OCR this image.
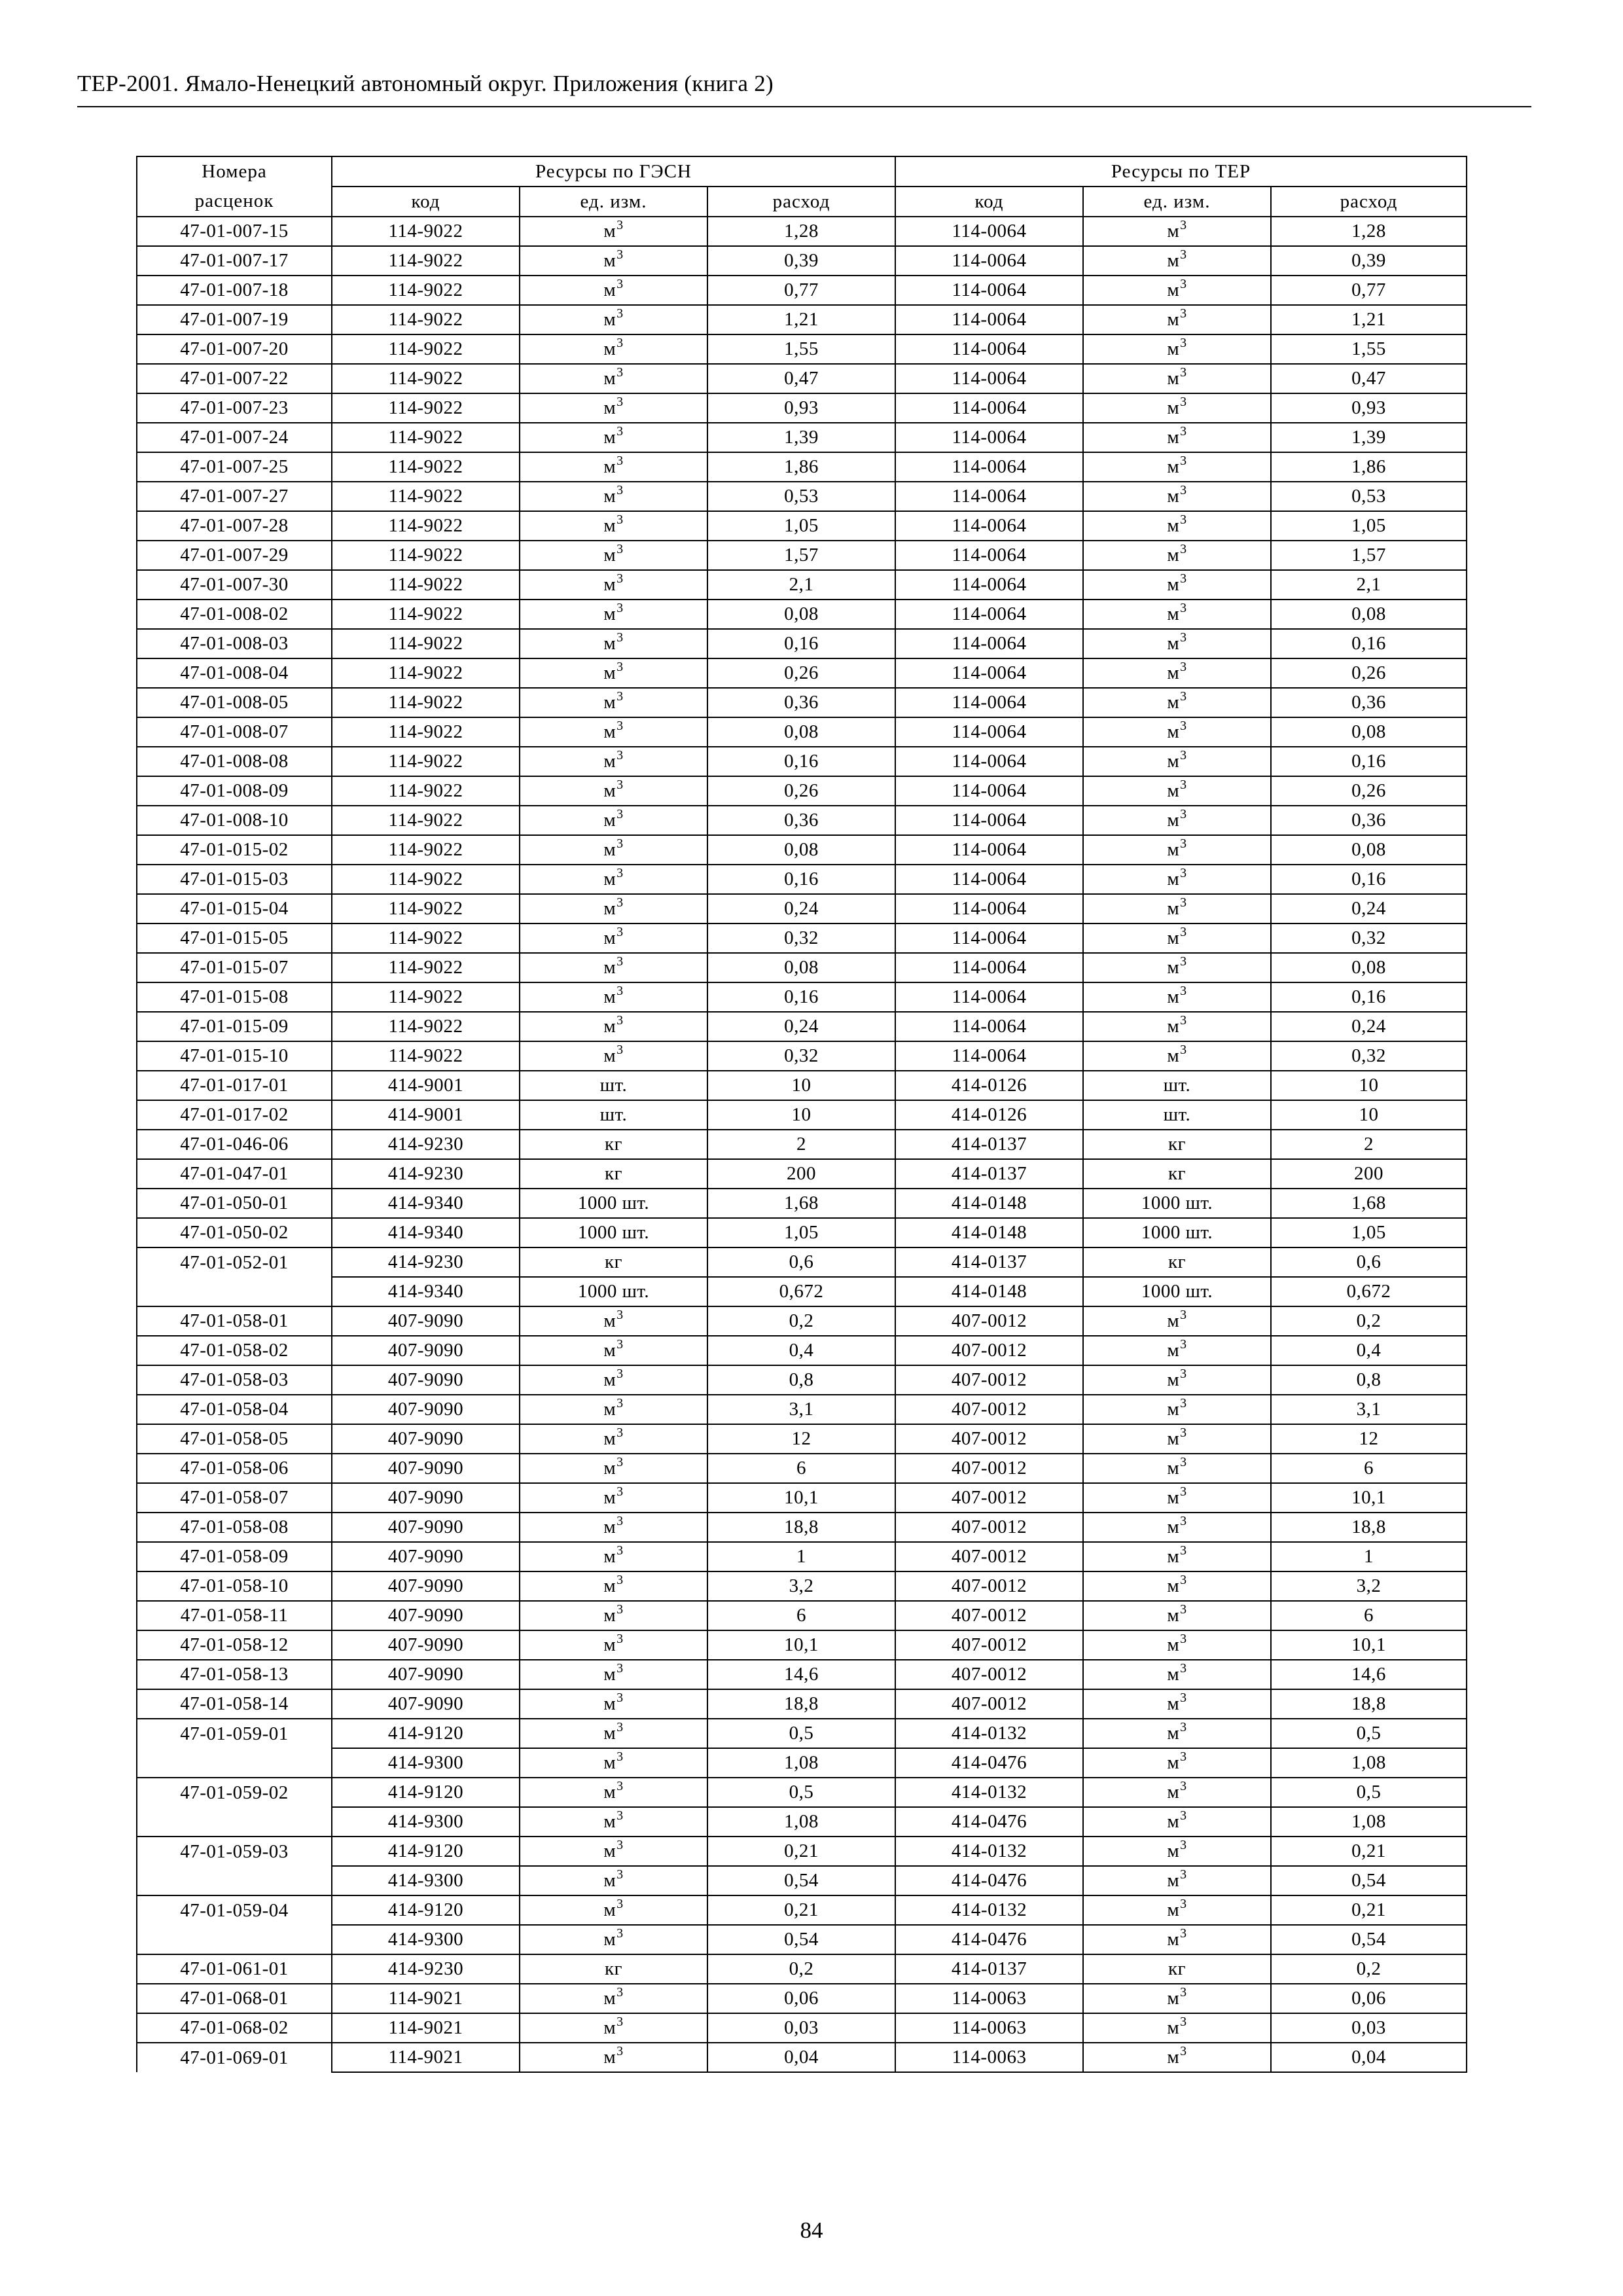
ТЕР-2001. Ямало-Ненецкий автономный округ. Приложения (книга 2)
Номера	Ресурсы по ГЭСН			Ресурсы по ТЕР		
расценок	код	ед. изм.	расход	код	ед. изм.	расход
47-01-007-15	114-9022	$м^3$	1,28	114-0064	$м^3$	1,28
47-01-007-17	114-9022	$м^3$	0,39	114-0064	$м^3$	0,39
47-01-007-18	114-9022	$м^3$	0,77	114-0064	$м^3$	0,77
47-01-007-19	114-9022	$м^3$	1,21	114-0064	$м^3$	1,21
47-01-007-20	114-9022	$м^3$	1,55	114-0064	$м^3$	1,55
47-01-007-22	114-9022	$м^3$	0,47	114-0064	$м^3$	0,47
47-01-007-23	114-9022	$м^3$	0,93	114-0064	$м^3$	0,93
47-01-007-24	114-9022	$м^3$	1,39	114-0064	$м^3$	1,39
47-01-007-25	114-9022	$м^3$	1,86	114-0064	$м^3$	1,86
47-01-007-27	114-9022	$м^3$	0,53	114-0064	$м^3$	0,53
47-01-007-28	114-9022	$м^3$	1,05	114-0064	$м^3$	1,05
47-01-007-29	114-9022	$м^3$	1,57	114-0064	$м^3$	1,57
47-01-007-30	114-9022	$м^3$	2,1	114-0064	$м^3$	2,1
47-01-008-02	114-9022	$м^3$	0,08	114-0064	$м^3$	0,08
47-01-008-03	114-9022	$м^3$	0,16	114-0064	$м^3$	0,16
47-01-008-04	114-9022	$м^3$	0,26	114-0064	$м^3$	0,26
47-01-008-05	114-9022	$м^3$	0,36	114-0064	$м^3$	0,36
47-01-008-07	114-9022	$м^3$	0,08	114-0064	$м^3$	0,08
47-01-008-08	114-9022	$м^3$	0,16	114-0064	$м^3$	0,16
47-01-008-09	114-9022	$м^3$	0,26	114-0064	$м^3$	0,26
47-01-008-10	114-9022	$м^3$	0,36	114-0064	$м^3$	0,36
47-01-015-02	114-9022	$м^3$	0,08	114-0064	$м^3$	0,08
47-01-015-03	114-9022	$м^3$	0,16	114-0064	$м^3$	0,16
47-01-015-04	114-9022	$м^3$	0,24	114-0064	$м^3$	0,24
47-01-015-05	114-9022	$м^3$	0,32	114-0064	$м^3$	0,32
47-01-015-07	114-9022	$м^3$	0,08	114-0064	$м^3$	0,08
47-01-015-08	114-9022	$м^3$	0,16	114-0064	$м^3$	0,16
47-01-015-09	114-9022	$м^3$	0,24	114-0064	$м^3$	0,24
47-01-015-10	114-9022	$м^3$	0,32	114-0064	$м^3$	0,32
47-01-017-01	414-9001	шт.	10	414-0126	шт.	10
47-01-017-02	414-9001	шт.	10	414-0126	шт.	10
47-01-046-06	414-9230	кг	2	414-0137	кг	2
47-01-047-01	414-9230	кг	200	414-0137	кг	200
47-01-050-01	414-9340	1000 шт.	1,68	414-0148	1000 шт.	1,68
47-01-050-02	414-9340	1000 шт.	1,05	414-0148	1000 шт.	1,05
47-01-052-01	414-9230	кг	0,6	414-0137	кг	0,6
	414-9340	1000 шт.	0,672	414-0148	1000 шт.	0,672
47-01-058-01	407-9090	$м^3$	0,2	407-0012	$м^3$	0,2
47-01-058-02	407-9090	$м^3$	0,4	407-0012	$м^3$	0,4
47-01-058-03	407-9090	$м^3$	0,8	407-0012	$м^3$	0,8
47-01-058-04	407-9090	$м^3$	3,1	407-0012	$м^3$	3,1
47-01-058-05	407-9090	$м^3$	12	407-0012	$м^3$	12
47-01-058-06	407-9090	$м^3$	6	407-0012	$м^3$	6
47-01-058-07	407-9090	$м^3$	10,1	407-0012	$м^3$	10,1
47-01-058-08	407-9090	$м^3$	18,8	407-0012	$м^3$	18,8
47-01-058-09	407-9090	$м^3$	1	407-0012	$м^3$	1
47-01-058-10	407-9090	$м^3$	3,2	407-0012	$м^3$	3,2
47-01-058-11	407-9090	$м^3$	6	407-0012	$м^3$	6
47-01-058-12	407-9090	$м^3$	10,1	407-0012	$м^3$	10,1
47-01-058-13	407-9090	$м^3$	14,6	407-0012	$м^3$	14,6
47-01-058-14	407-9090	$м^3$	18,8	407-0012	$м^3$	18,8
47-01-059-01	414-9120	$м^3$	0,5	414-0132	$м^3$	0,5
	414-9300	$м^3$	1,08	414-0476	$м^3$	1,08
47-01-059-02	414-9120	$м^3$	0,5	414-0132	$м^3$	0,5
	414-9300	$м^3$	1,08	414-0476	$м^3$	1,08
47-01-059-03	414-9120	$м^3$	0,21	414-0132	$м^3$	0,21
	414-9300	$м^3$	0,54	414-0476	$м^3$	0,54
47-01-059-04	414-9120	$м^3$	0,21	414-0132	$м^3$	0,21
	414-9300	$м^3$	0,54	414-0476	$м^3$	0,54
47-01-061-01	414-9230	кг	0,2	414-0137	кг	0,2
47-01-068-01	114-9021	$м^3$	0,06	114-0063	$м^3$	0,06
47-01-068-02	114-9021	$м^3$	0,03	114-0063	$м^3$	0,03
47-01-069-01	114-9021	$м^3$	0,04	114-0063	$м^3$	0,04
84
